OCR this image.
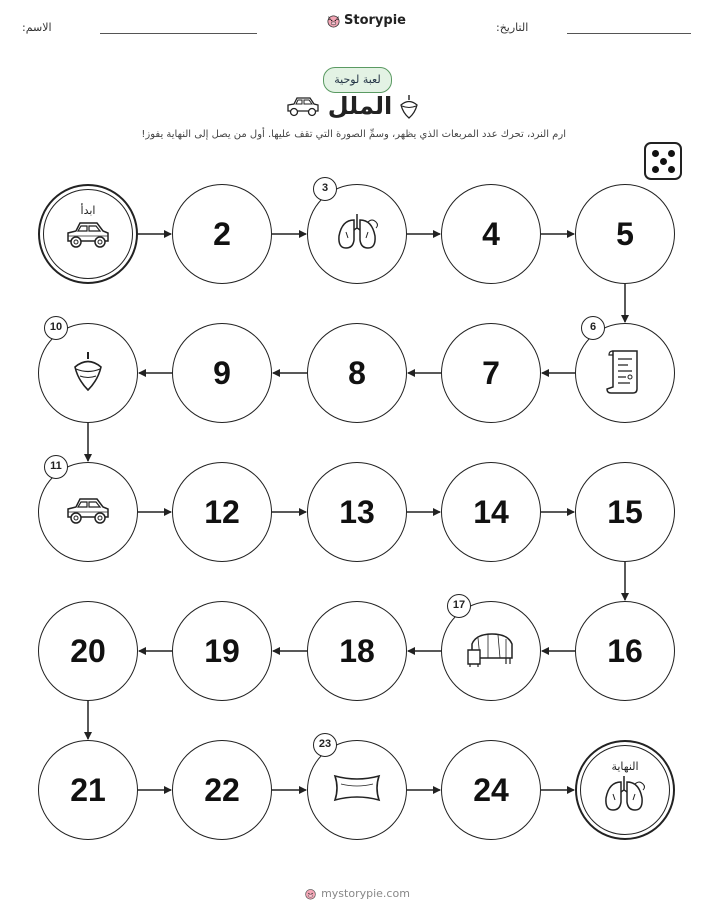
الاسم:	Storypie	التاريخ:
لعبة لوحية
الملل
ارم النرد، تحرك عدد المربعات الذي يظهر، وسمِّ الصورة التي تقف عليها. أول من يصل إلى النهاية يفوز!
ابدأ
2
3
4	5
6
7
8
9
10
11
12	13	14	15
16
17
18
19
20
21	22
23
24
النهاية
mystorypie.com
